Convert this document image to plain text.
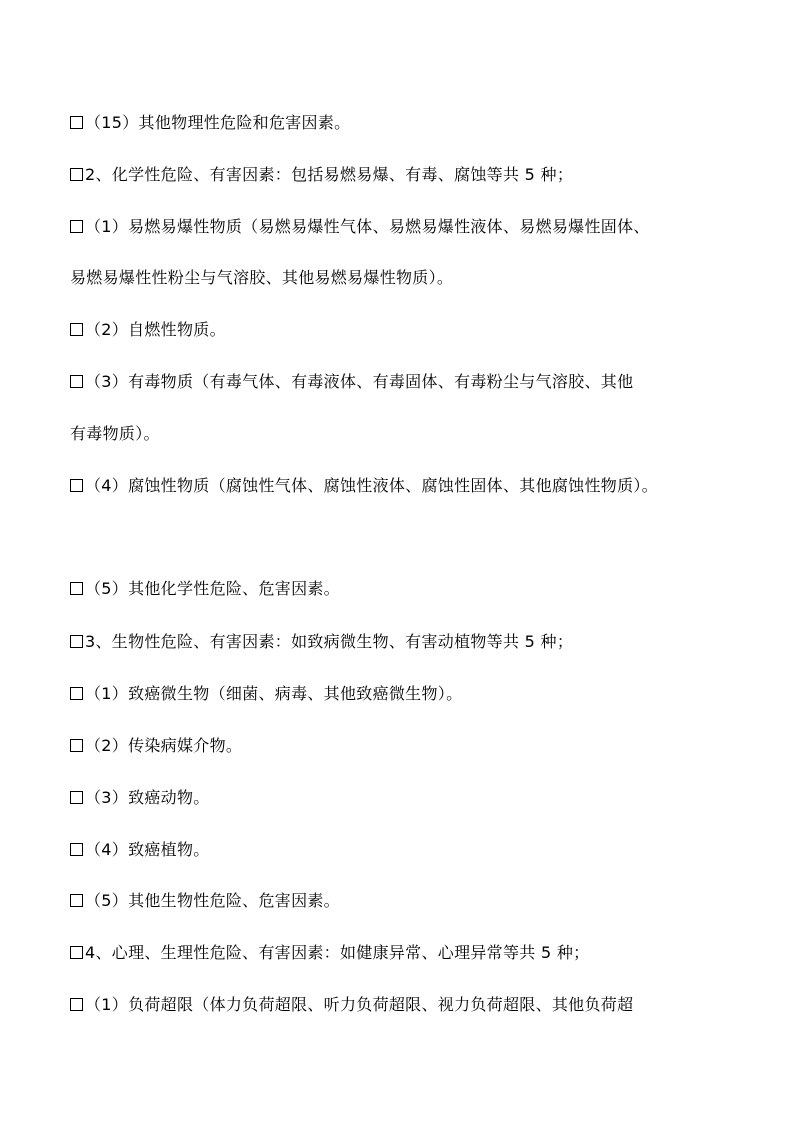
（15）其他物理性危险和危害因素。
2、化学性危险、有害因素：包括易燃易爆、有毒、腐蚀等共 5 种；
（1）易燃易爆性物质（易燃易爆性气体、易燃易爆性液体、易燃易爆性固体、
易燃易爆性性粉尘与气溶胶、其他易燃易爆性物质）。
（2）自燃性物质。
（3）有毒物质（有毒气体、有毒液体、有毒固体、有毒粉尘与气溶胶、其他
有毒物质）。
（4）腐蚀性物质（腐蚀性气体、腐蚀性液体、腐蚀性固体、其他腐蚀性物质）。
（5）其他化学性危险、危害因素。
3、生物性危险、有害因素：如致病微生物、有害动植物等共 5 种；
（1）致癌微生物（细菌、病毒、其他致癌微生物）。
（2）传染病媒介物。
（3）致癌动物。
（4）致癌植物。
（5）其他生物性危险、危害因素。
4、心理、生理性危险、有害因素：如健康异常、心理异常等共 5 种；
（1）负荷超限（体力负荷超限、听力负荷超限、视力负荷超限、其他负荷超
